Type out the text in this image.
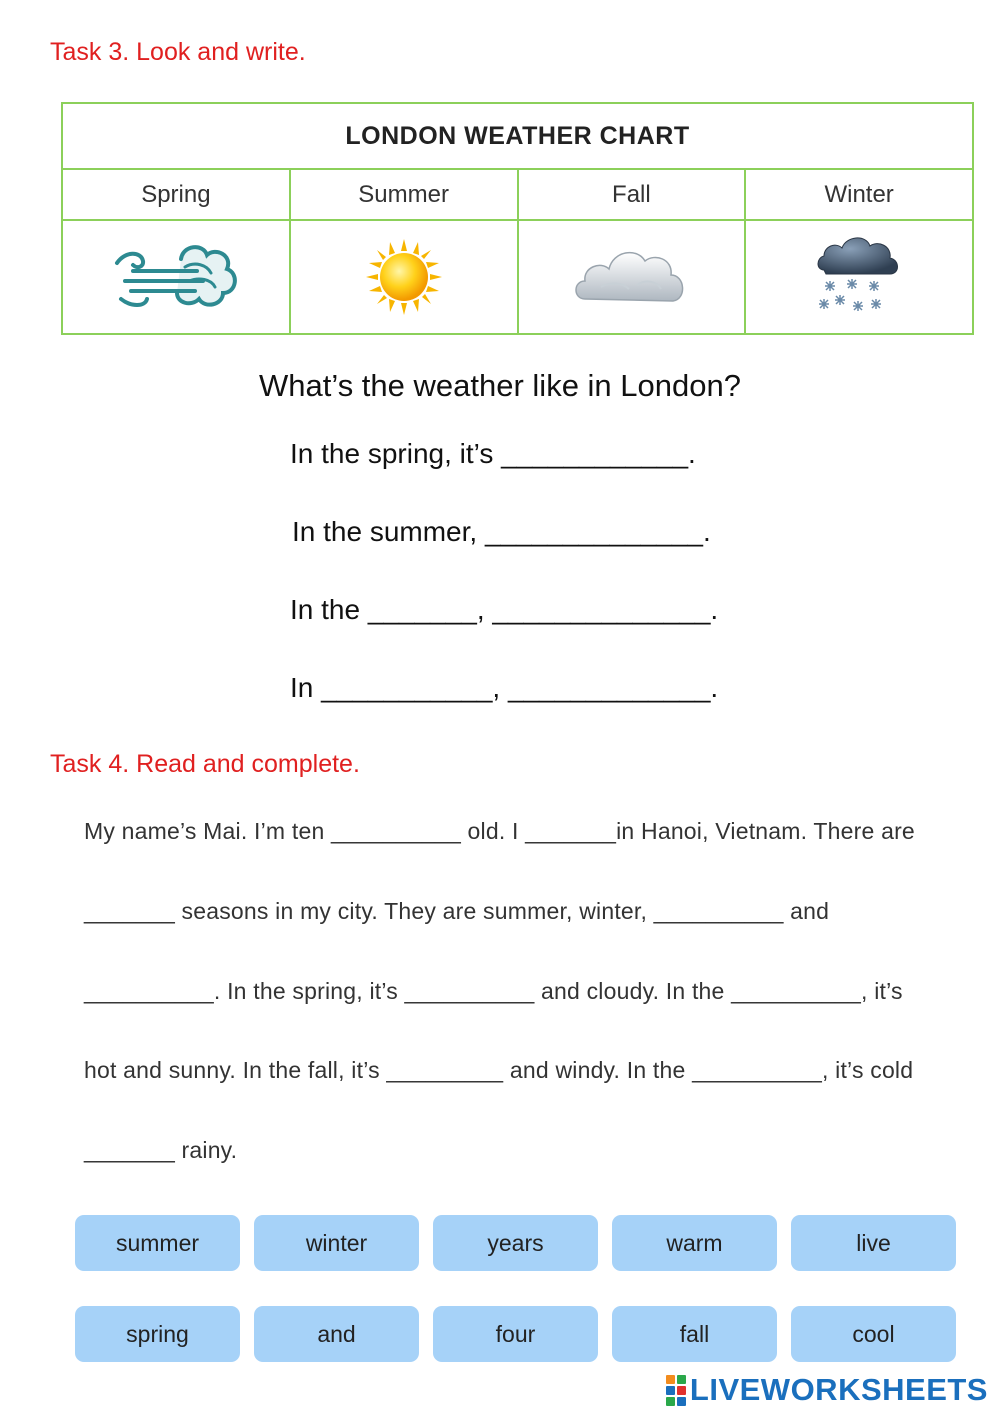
Task 3. Look and write.
LONDON WEATHER CHART
Spring	Summer	Fall	Winter
What’s the weather like in London?
In the spring, it’s ____________.
In the summer, ______________.
In the _______, ______________.
In ___________, _____________.
Task 4. Read and complete.
My name’s Mai. I’m ten __________ old. I _______in Hanoi, Vietnam. There are
_______ seasons in my city. They are summer, winter, __________ and
__________. In the spring, it’s __________ and cloudy. In the __________, it’s
hot and sunny. In the fall, it’s _________ and windy. In the __________, it’s cold
_______ rainy.
summer	winter	years	warm	live
spring	and	four	fall	cool
LIVEWORKSHEETS
